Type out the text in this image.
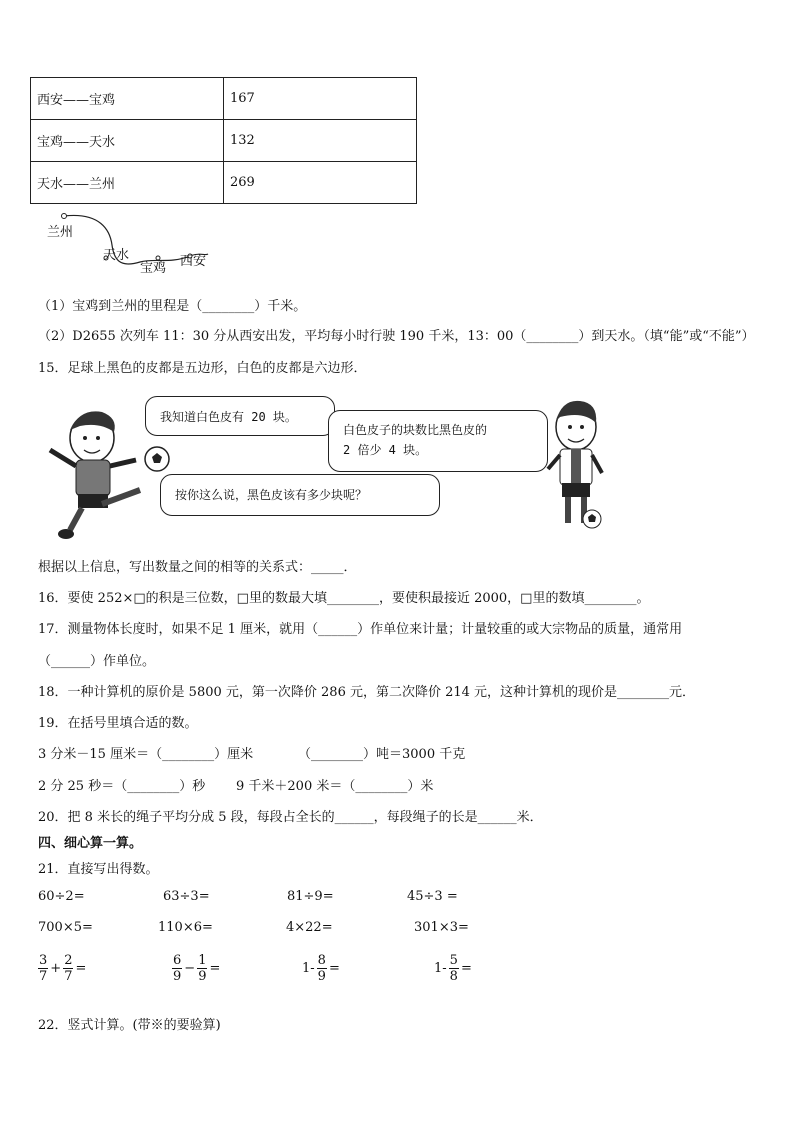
西安——宝鸡	167
宝鸡——天水	132
天水——兰州	269
兰州
天水
宝鸡 西安
（1）宝鸡到兰州的里程是（________）千米。
（2）D2655 次列车 11：30 分从西安出发，平均每小时行驶 190 千米，13：00（________）到天水。（填“能”或“不能”）
15．足球上黑色的皮都是五边形，白色的皮都是六边形．
我知道白色皮有 20 块。
白色皮子的块数比黑色皮的
2 倍少 4 块。
按你这么说，黑色皮该有多少块呢？
根据以上信息，写出数量之间的相等的关系式：_____．
16．要使 252×□的积是三位数，□里的数最大填________，要使积最接近 2000，□里的数填________。
17．测量物体长度时，如果不足 1 厘米，就用（______）作单位来计量；计量较重的或大宗物品的质量，通常用
（______）作单位。
18．一种计算机的原价是 5800 元，第一次降价 286 元，第二次降价 214 元，这种计算机的现价是________元．
19．在括号里填合适的数。
3 分米－15 厘米＝（________）厘米	（________）吨＝3000 千克
2 分 25 秒＝（________）秒 9 千米＋200 米＝（________）米
20．把 8 米长的绳子平均分成 5 段，每段占全长的______，每段绳子的长是______米．
四、细心算一算。
21．直接写出得数。
60÷2=	63÷3=	81÷9=	45÷3 =
700×5=	110×6=	4×22=	301×3=
$\frac{3}{7} + \frac{2}{7}$ =	$\frac{6}{9} - \frac{1}{9}$ =	$1- \frac{8}{9}$ =	$1- \frac{5}{8}$ =
22．竖式计算。(带※的要验算)
